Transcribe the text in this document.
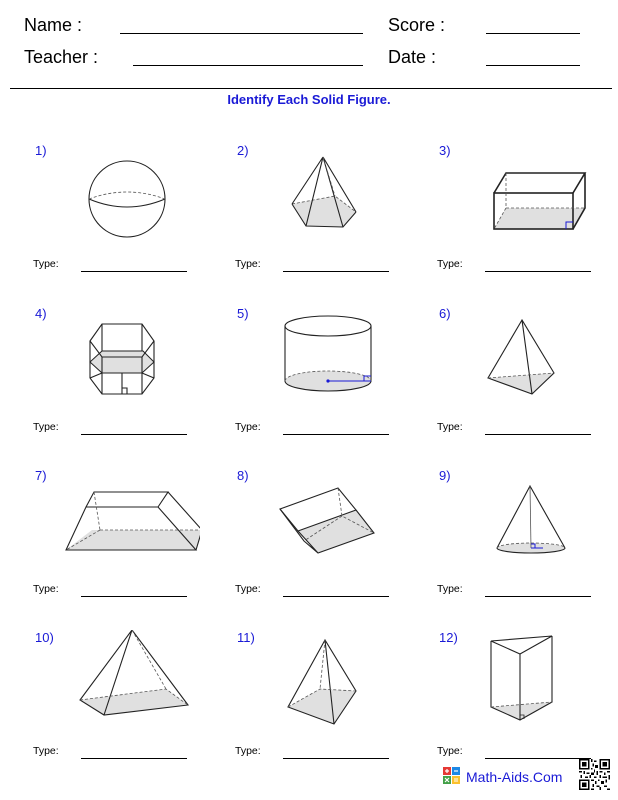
Name :	Score :
Teacher :	Date :
Identify Each Solid Figure.
1)
Type:
2)
Type:
3)
Type:
4)
Type:
5)
Type:
6)
Type:
7)
Type:
8)
Type:
9)
Type:
10)
Type:
11)
Type:
12)
Type:
Math-Aids.Com
